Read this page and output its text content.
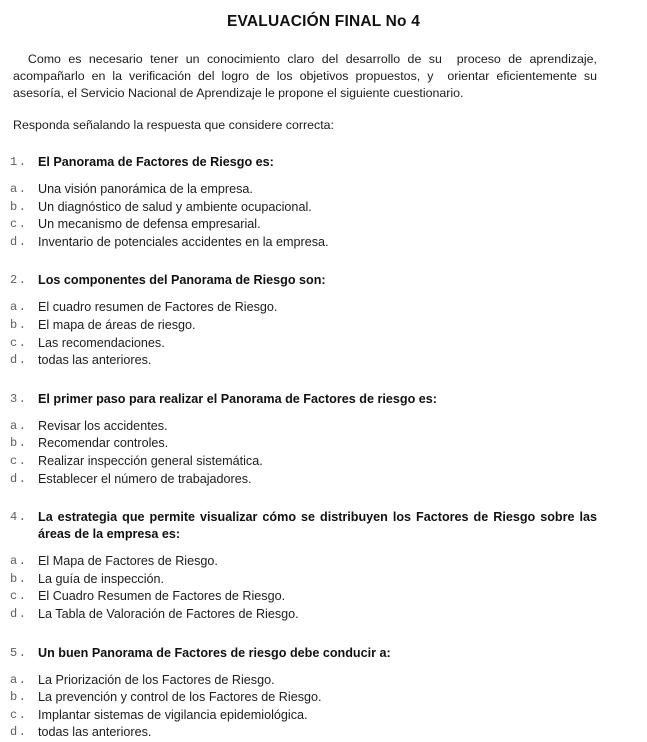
EVALUACIÓN FINAL No 4

Como es necesario tener un conocimiento claro del desarrollo de su  proceso de aprendizaje, acompañarlo en la verificación del logro de los objetivos propuestos, y  orientar eficientemente su asesoría, el Servicio Nacional de Aprendizaje le propone el siguiente cuestionario.

Responda señalando la respuesta que considere correcta:

1. El Panorama de Factores de Riesgo es:
a. Una visión panorámica de la empresa.
b. Un diagnóstico de salud y ambiente ocupacional.
c. Un mecanismo de defensa empresarial.
d. Inventario de potenciales accidentes en la empresa.
2. Los componentes del Panorama de Riesgo son:
a. El cuadro resumen de Factores de Riesgo.
b. El mapa de áreas de riesgo.
c. Las recomendaciones.
d. todas las anteriores.
3. El primer paso para realizar el Panorama de Factores de riesgo es:
a. Revisar los accidentes.
b. Recomendar controles.
c. Realizar inspección general sistemática.
d. Establecer el número de trabajadores.
4. La estrategia que permite visualizar cómo se distribuyen los Factores de Riesgo sobre las áreas de la empresa es:
a. El Mapa de Factores de Riesgo.
b. La guía de inspección.
c. El Cuadro Resumen de Factores de Riesgo.
d. La Tabla de Valoración de Factores de Riesgo.
5. Un buen Panorama de Factores de riesgo debe conducir a:
a. La Priorización de los Factores de Riesgo.
b. La prevención y control de los Factores de Riesgo.
c. Implantar sistemas de vigilancia epidemiológica.
d. todas las anteriores.
